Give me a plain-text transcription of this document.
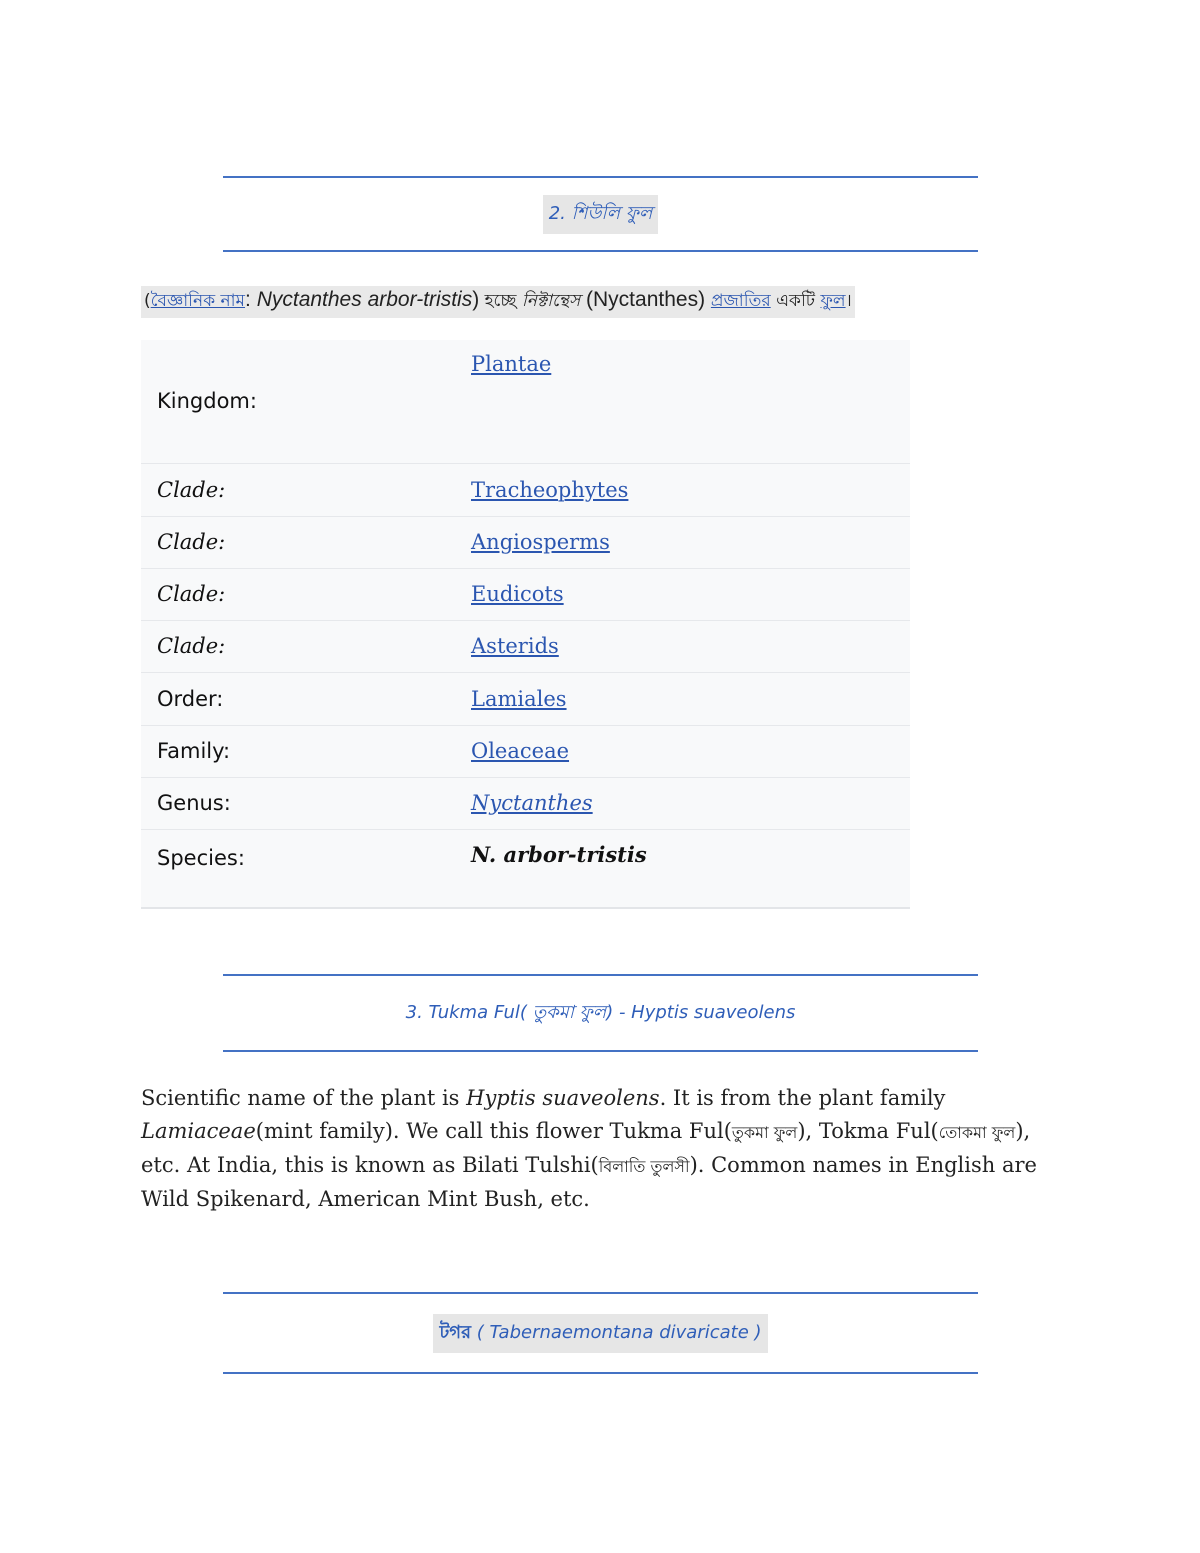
2. শিউলি ফুল
(বৈজ্ঞানিক নাম: Nyctanthes arbor-tristis) হচ্ছে নিক্টান্থেস (Nyctanthes) প্রজাতির একটি ফুল।
Kingdom:	Plantae
Clade:	Tracheophytes
Clade:	Angiosperms
Clade:	Eudicots
Clade:	Asterids
Order:	Lamiales
Family:	Oleaceae
Genus:	Nyctanthes
Species:	N. arbor-tristis
3. Tukma Ful( তুকমা ফুল) - Hyptis suaveolens
Scientific name of the plant is Hyptis suaveolens. It is from the plant family Lamiaceae(mint family). We call this flower Tukma Ful(তুকমা ফুল), Tokma Ful(তোকমা ফুল), etc. At India, this is known as Bilati Tulshi(বিলাতি তুলসী). Common names in English are Wild Spikenard, American Mint Bush, etc.
টগর ( Tabernaemontana divaricate )
